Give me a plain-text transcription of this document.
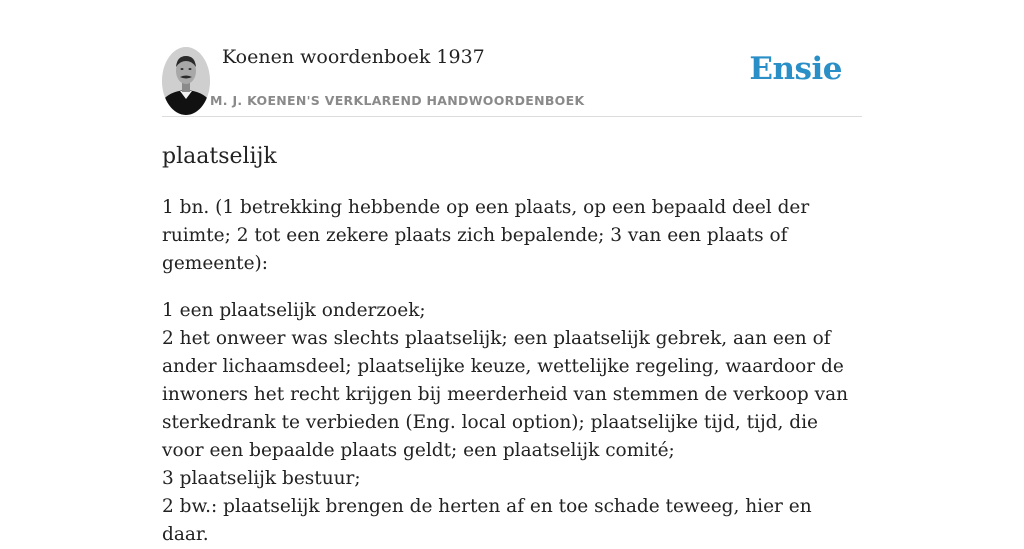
Koenen woordenboek 1937
M. J. KOENEN'S VERKLAREND HANDWOORDENBOEK
Ensie
plaatselijk

1 bn. (1 betrekking hebbende op een plaats, op een bepaald deel der ruimte; 2 tot een zekere plaats zich bepalende; 3 van een plaats of gemeente):

1 een plaatselijk onderzoek;
2 het onweer was slechts plaatselijk; een plaatselijk gebrek, aan een of ander lichaamsdeel; plaatselijke keuze, wettelijke regeling, waardoor de inwoners het recht krijgen bij meerderheid van stemmen de verkoop van sterkedrank te verbieden (Eng. local option); plaatselijke tijd, tijd, die voor een bepaalde plaats geldt; een plaatselijk comité;
3 plaatselijk bestuur;
2 bw.: plaatselijk brengen de herten af en toe schade teweeg, hier en daar.
